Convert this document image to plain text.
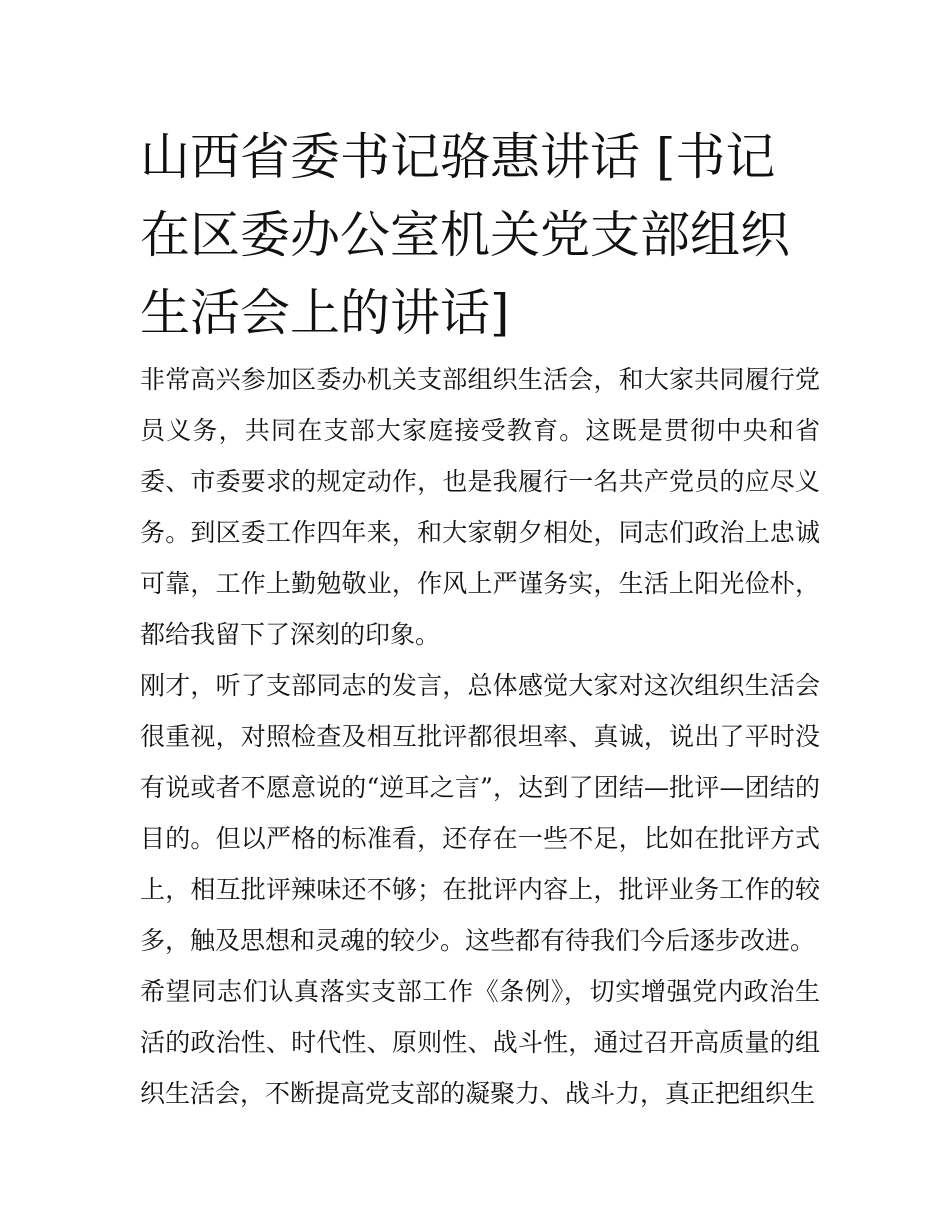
山西省委书记骆惠讲话 [书记在区委办公室机关党支部组织生活会上的讲话]

非常高兴参加区委办机关支部组织生活会，和大家共同履行党员义务，共同在支部大家庭接受教育。这既是贯彻中央和省委、市委要求的规定动作，也是我履行一名共产党员的应尽义务。到区委工作四年来，和大家朝夕相处，同志们政治上忠诚可靠，工作上勤勉敬业，作风上严谨务实，生活上阳光俭朴，都给我留下了深刻的印象。

刚才，听了支部同志的发言，总体感觉大家对这次组织生活会很重视，对照检查及相互批评都很坦率、真诚，说出了平时没有说或者不愿意说的“逆耳之言”，达到了团结—批评—团结的目的。但以严格的标准看，还存在一些不足，比如在批评方式上，相互批评辣味还不够；在批评内容上，批评业务工作的较多，触及思想和灵魂的较少。这些都有待我们今后逐步改进。

希望同志们认真落实支部工作《条例》，切实增强党内政治生活的政治性、时代性、原则性、战斗性，通过召开高质量的组织生活会，不断提高党支部的凝聚力、战斗力，真正把组织生
